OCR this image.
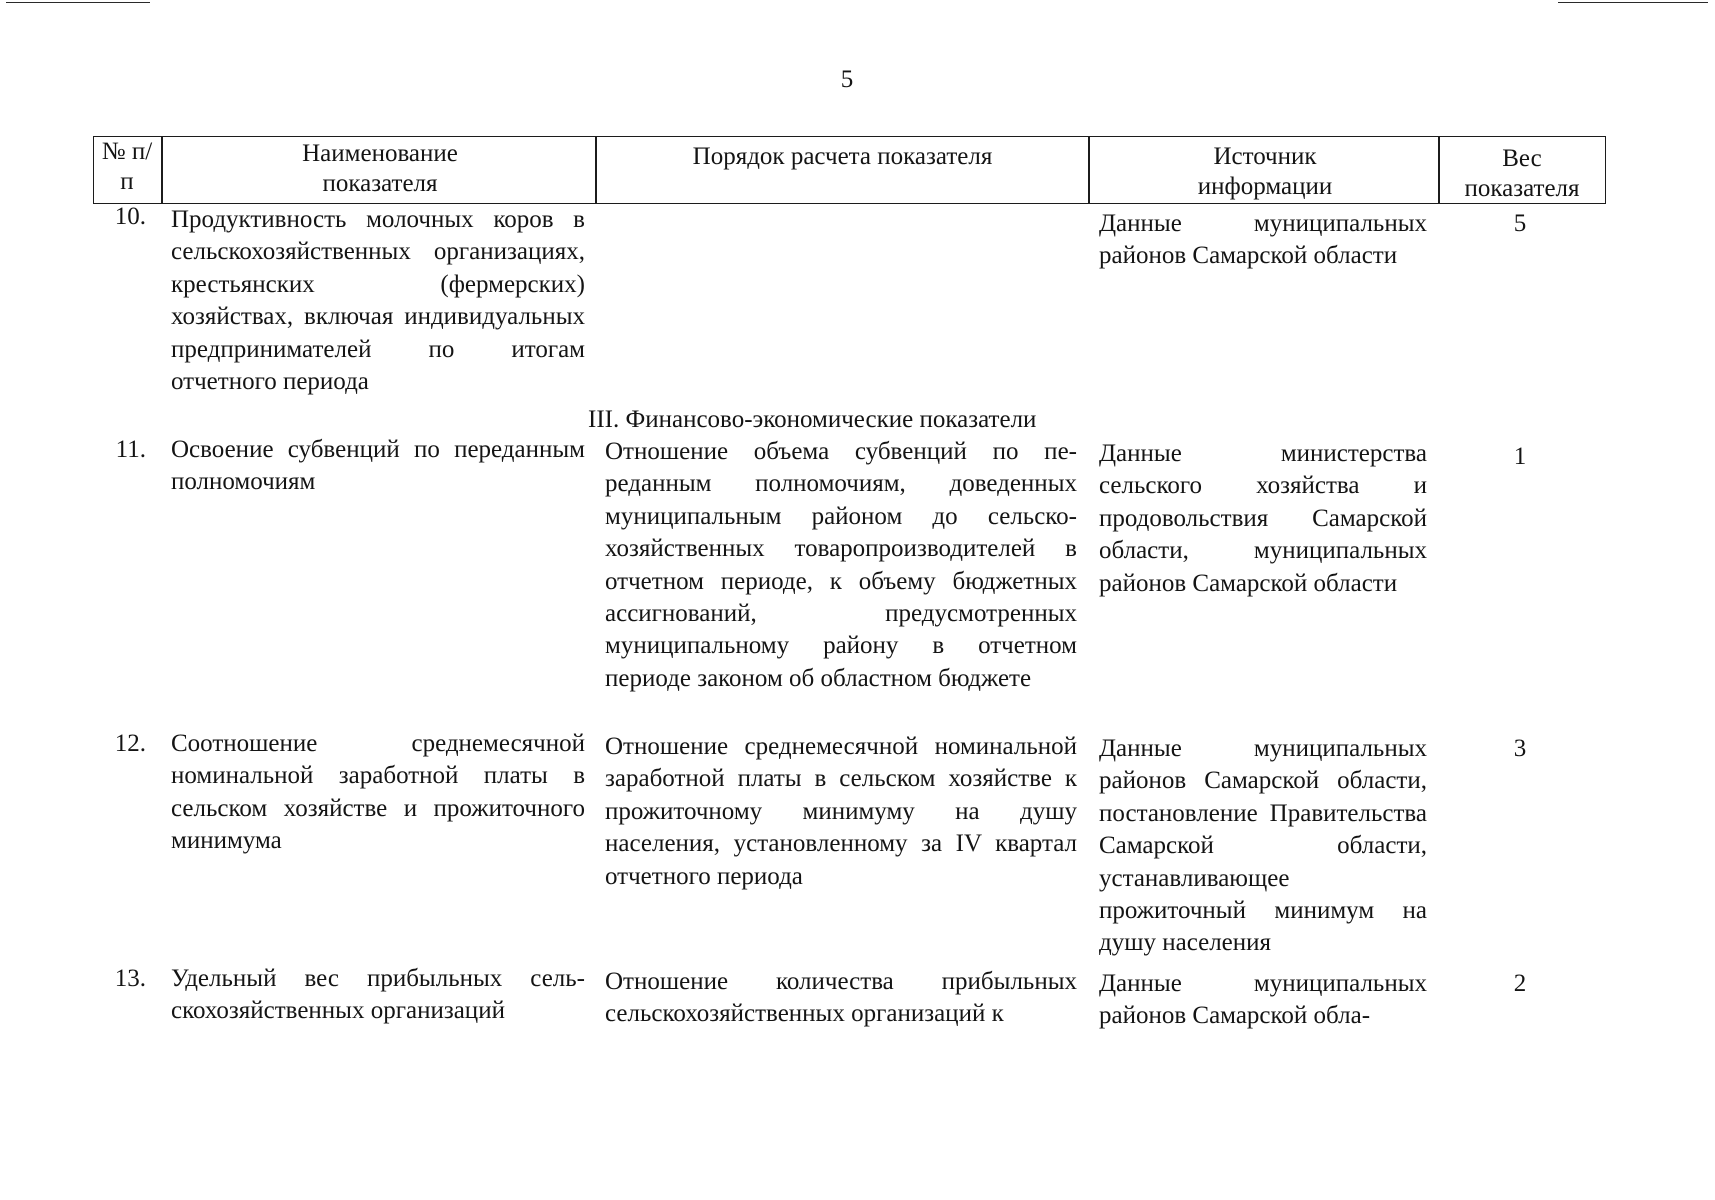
5
№ п/п
Наименование показателя
Порядок расчета показателя	Источник информации
Вес показателя
10. Продуктивность молочных коров в сельскохозяйственных организациях, крестьянских (фермерских) хозяйствах, включая индивидуальных предпринимателей по итогам отчетного периода
Данные муниципальных районов Самарской области
5
III. Финансово-экономические показатели
11. Освоение субвенций по переданным полномочиям
Отношение объема субвенций по переданным полномочиям, доведенных муниципальным районом до сельскохозяйственных товаропроизводителей в отчетном периоде, к объему бюджетных ассигнований, предусмотренных муниципальному району в отчетном периоде законом об областном бюджете
Данные министерства сельского хозяйства и продовольствия Самарской области, муниципальных районов Самарской области
1
12. Соотношение среднемесячной номинальной заработной платы в сельском хозяйстве и прожиточного минимума
Отношение среднемесячной номинальной заработной платы в сельском хозяйстве к прожиточному минимуму на душу населения, установленному за IV квартал отчетного периода
Данные муниципальных районов Самарской области, постановление Правительства Самарской области, устанавливающее прожиточный минимум на душу населения
3
13. Удельный вес прибыльных сельскохозяйственных организаций
Отношение количества прибыльных сельскохозяйственных организаций к
Данные муниципальных районов Самарской обла-
2
